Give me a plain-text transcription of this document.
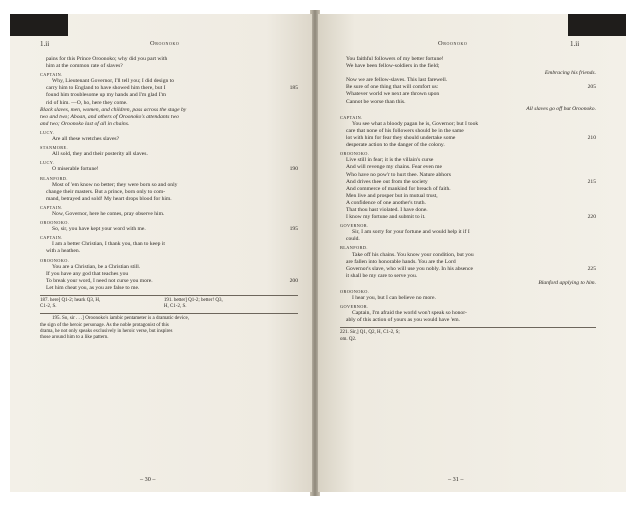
1.ii	Oroonoko
pains for this Prince Oroonoko; why did you part with
him at the common rate of slaves?
CAPTAIN.
Why, Lieutenant Governor, I'll tell you; I did design to
carry him to England to have showed him there, but I	185
found him troublesome up my hands and I'm glad I'm
rid of him. —O, ho, here they come.
Black slaves, men, women, and children, pass across the stage by
two and two; Aboan, and others of Oroonoko's attendants two
and two; Oroonoko last of all in chains.
LUCY.
Are all these wretches slaves?
STANMORE.
All sold, they and their posterity all slaves.
LUCY.
O miserable fortune!	190
BLANFORD.
Most of 'em know no better; they were born so and only
change their masters. But a prince, born only to com-
mand, betrayed and sold! My heart drops blood for him.
CAPTAIN.
Now, Governor, here he comes, pray observe him.
OROONOKO.
So, sir, you have kept your word with me.	195
CAPTAIN.
I am a better Christian, I thank you, than to keep it
with a heathen.
OROONOKO.
You are a Christian, be a Christian still.
If you have any god that teaches you
To break your word, I need not curse you more.	200
Let him cheat you, as you are false to me.
187. here] Q1-2; heark Q3, H,	191. better] Q1-2; better! Q3,
C1-2, S.	H, C1-2, S.
195. So, sir . . .] Oroonoko's iambic pentameter is a dramatic device,
the sign of the heroic personage. As the noble protagonist of this
drama, he not only speaks exclusively in heroic verse, but inspires
those around him to a like pattern.
– 30 –
Oroonoko	1.ii
You faithful followers of my better fortune!
We have been fellow-soldiers in the field;
Embracing his friends.
Now we are fellow-slaves. This last farewell.
Be sure of one thing that will comfort us:	205
Whatever world we next are thrown upon
Cannot be worse than this.
All slaves go off but Oroonoko.
CAPTAIN.
You see what a bloody pagan he is, Governor; but I took
care that none of his followers should be in the same
lot with him for fear they should undertake some	210
desperate action to the danger of the colony.
OROONOKO.
Live still in fear; it is the villain's curse
And will revenge my chains. Fear even me
Who have no pow'r to hurt thee. Nature abhors
And drives thee out from the society	215
And commerce of mankind for breach of faith.
Men live and prosper but in mutual trust,
A confidence of one another's truth.
That thou hast violated. I have done.
I know my fortune and submit to it.	220
GOVERNOR.
Sir, I am sorry for your fortune and would help it if I
could.
BLANFORD.
Take off his chains. You know your condition, but you
are fallen into honorable hands. You are the Lord
Governor's slave, who will use you nobly. In his absence	225
it shall be my care to serve you.
Blanford applying to him.
OROONOKO.
I hear you, but I can believe no more.
GOVERNOR.
Captain, I'm afraid the world won't speak so honor-
ably of this action of yours as you would have 'em.
221. Sir,] Q1, Q2, H, C1-2, S;
om. Q2.
– 31 –
